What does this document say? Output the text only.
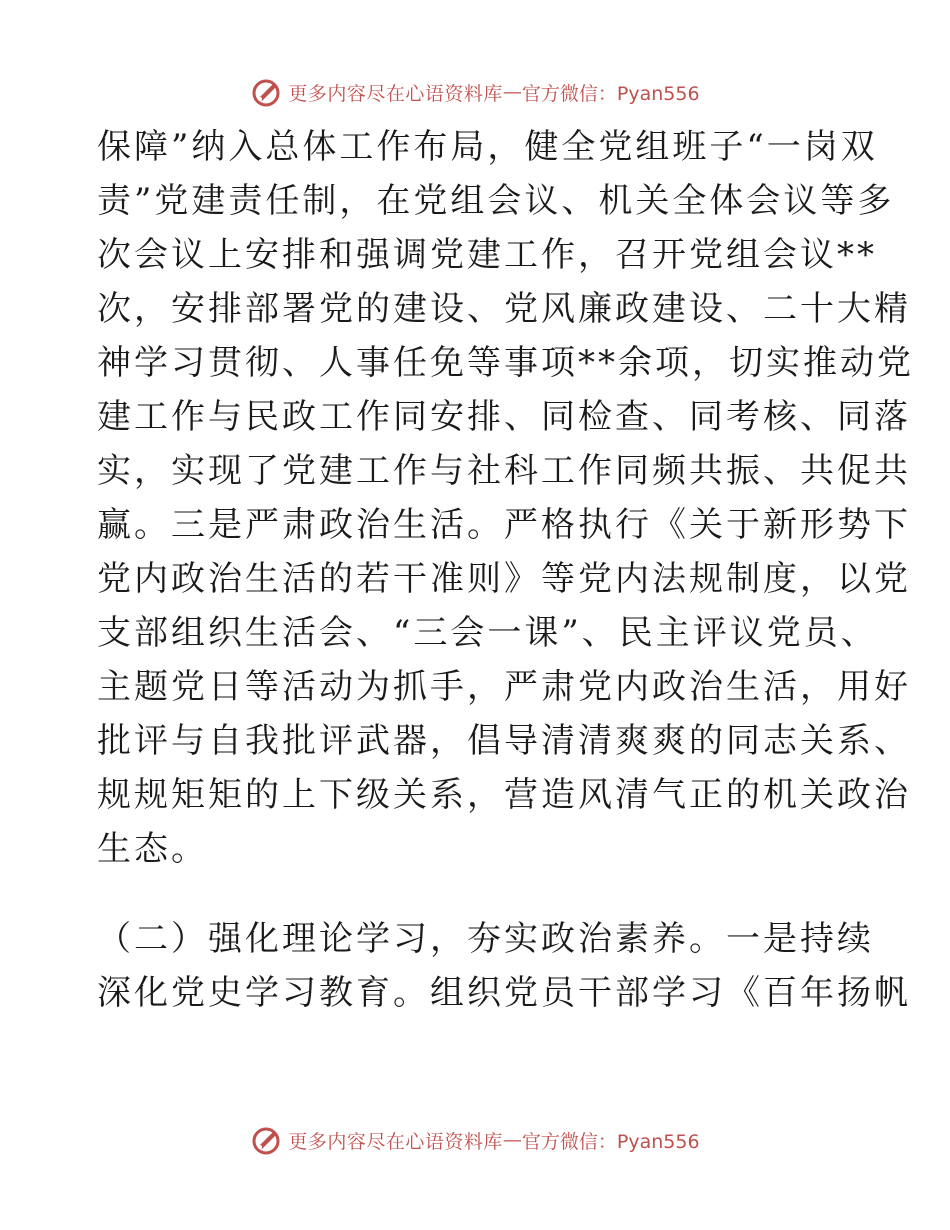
更多内容尽在心语资料库 — 官方微信：Pyan556
保障”纳入总体工作布局，健全党组班子“一岗双
责”党建责任制，在党组会议、机关全体会议等多
次会议上安排和强调党建工作，召开党组会议**
次，安排部署党的建设、党风廉政建设、二十大精
神学习贯彻、人事任免等事项**余项，切实推动党
建工作与民政工作同安排、同检查、同考核、同落
实，实现了党建工作与社科工作同频共振、共促共
赢。三是严肃政治生活。严格执行《关于新形势下
党内政治生活的若干准则》等党内法规制度，以党
支部组织生活会、“三会一课”、民主评议党员、
主题党日等活动为抓手，严肃党内政治生活，用好
批评与自我批评武器，倡导清清爽爽的同志关系、
规规矩矩的上下级关系，营造风清气正的机关政治
生态。
（二）强化理论学习，夯实政治素养。一是持续
深化党史学习教育。组织党员干部学习《百年扬帆
更多内容尽在心语资料库 — 官方微信：Pyan556
